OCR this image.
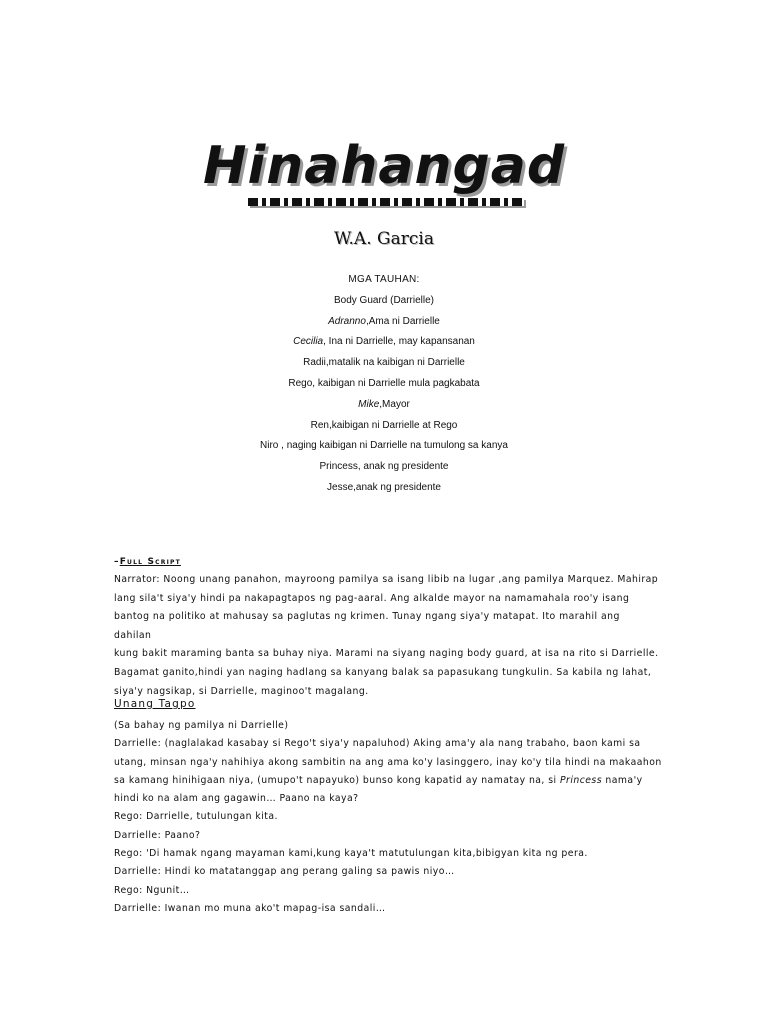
Hinahangad
W.A. Garcia
MGA TAUHAN:
Body Guard (Darrielle)
Adranno,Ama ni Darrielle
Cecilia, Ina ni Darrielle, may kapansanan
Radii,matalik na kaibigan ni Darrielle
Rego, kaibigan ni Darrielle mula pagkabata
Mike,Mayor
Ren,kaibigan ni Darrielle at Rego
Niro , naging kaibigan ni Darrielle na tumulong sa kanya
Princess, anak ng presidente
Jesse,anak ng presidente
–Full Script
Narrator: Noong unang panahon, mayroong pamilya sa isang libib na lugar ,ang pamilya Marquez. Mahirap
lang sila't siya'y hindi pa nakapagtapos ng pag-aaral. Ang alkalde mayor na namamahala roo'y isang
bantog na politiko at mahusay sa paglutas ng krimen. Tunay ngang siya'y matapat. Ito marahil ang dahilan
kung bakit maraming banta sa buhay niya. Marami na siyang naging body guard, at isa na rito si Darrielle.
Bagamat ganito,hindi yan naging hadlang sa kanyang balak sa papasukang tungkulin. Sa kabila ng lahat,
siya'y nagsikap, si Darrielle, maginoo't magalang.
Unang Tagpo
(Sa bahay ng pamilya ni Darrielle)
Darrielle: (naglalakad kasabay si Rego't siya'y napaluhod) Aking ama'y ala nang trabaho, baon kami sa
utang, minsan nga'y nahihiya akong sambitin na ang ama ko'y lasinggero, inay ko'y tila hindi na makaahon
sa kamang hinihigaan niya, (umupo't napayuko) bunso kong kapatid ay namatay na, si Princess nama'y
hindi ko na alam ang gagawin… Paano na kaya?
Rego: Darrielle, tutulungan kita.
Darrielle: Paano?
Rego: 'Di hamak ngang mayaman kami,kung kaya't matutulungan kita,bibigyan kita ng pera.
Darrielle: Hindi ko matatanggap ang perang galing sa pawis niyo…
Rego: Ngunit…
Darrielle: Iwanan mo muna ako't mapag-isa sandali…
